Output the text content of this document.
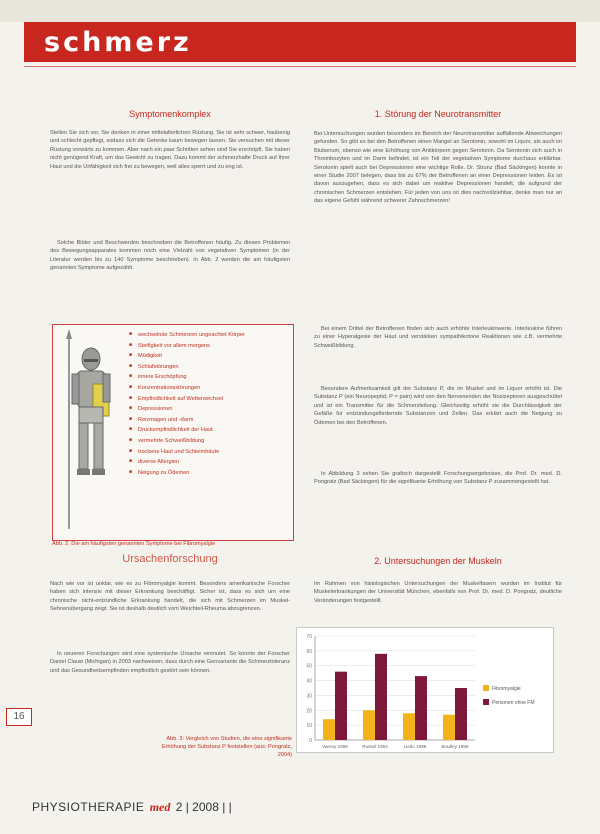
schmerz
Symptomenkomplex

Stellen Sie sich vor, Sie denken in einer mittelalterlichen Rüstung. Sie ist sehr schwer, haubenig und schlecht gepflegt, sodass sich die Gelenke kaum bewegen lassen. Sie versuchen mit dieser Rüstung vorwärts zu kommen. Aber nach ein paar Schritten sehen sind Sie erschöpft. Sie haben nicht genügend Kraft, um das Gewicht zu tragen. Dazu kommt der schmerzhafte Druck auf Ihrer Haut und die Unfähigkeit sich frei zu bewegen, weil alles sperrt und zu eng ist.

Solche Bilder und Beschwerden beschreiben die Betroffenen häufig. Zu diesen Problemen des Bewegungsapparates kommen noch eine Vielzahl von vegetativen Symptomen (in der Literatur werden bis zu 140 Symptome beschrieben). In Abb. 2 werden die am häufigsten genannten Symptome aufgezählt.

■ wechselnde Schmerzen ungeachtet Körper
■ Steifigkeit vor allem morgens
■ Müdigkeit
■ Schlafstörungen
■ innere Erschöpfung
■ Konzentrationsstörungen
■ Empfindlichkeit auf Wetterwechsel
■ Depressionen
■ Reizmagen und -darm
■ Druckempfindlichkeit der Haut
■ vermehrte Schweißbildung
■ trockene Haut und Schleimhäute
■ diverse Allergien
■ Neigung zu Ödemen
Abb. 2: Die am häufigsten genannten Symptome bei Fibromyalgie
Ursachenforschung

Nach wie vor ist unklar, wie es zu Fibromyalgie kommt. Besonders amerikanische Forscher haben sich intensiv mit dieser Erkrankung beschäftigt. Sicher ist, dass es sich um eine chronische nicht-entzündliche Erkrankung handelt, die sich mit Schmerzen im Muskel-Sehnenübergang zeigt. Sie ist deshalb deutlich vom Weichteil-Rheuma abzugrenzen.

In neueren Forschungen wird eine systemische Ursache vermutet. So konnte der Forscher Daniel Clauw (Michigan) in 2003 nachweisen, dass durch eine Genvariante die Schmerztoleranz und das Gesundheitsempfinden empfindlich gestört sein können.

Abb. 3: Vergleich von Studien, die eine signifikante Erhöhung der Substanz P feststellen (aus: Pongratz, 2004)
1. Störung der Neurotransmitter

Bei Untersuchungen wurden besonders im Bereich der Neurotransmitter auffallende Abweichungen gefunden. So gibt es bei den Betroffenen einen Mangel an Serotonin, sowohl im Liquor, als auch im Blutserum, ebenso wie eine Erhöhung von Antikörpern gegen Serotonin. Da Serotonin sich auch in Thrombozyten und im Darm befindet, ist ein Teil der vegetativen Symptome durchaus erklärbar. Serotonin spielt auch bei Depressionen eine wichtige Rolle. Dr. Strunz (Bad Säckingen) konnte in einer Studie 2007 belegen, dass bis zu 67% der Betroffenen an einer Depressionen leiden. Es ist davon auszugehen, dass es sich dabei um reaktive Depressionen handelt, die aufgrund der chronischen Schmerzen entstehen. Für jeden von uns ist dies nachvollziehbar, denke man nur an das eigene Gefühl während schwerer Zahnschmerzen!

Bei einem Drittel der Betroffenen finden sich auch erhöhte Interleukinwerte. Interleukine führen zu einer Hyperalgesie der Haut und verstärken sympathikotone Reaktionen wie z.B. vermehrte Schweißbildung.

Besondere Aufmerksamkeit gilt der Substanz P, die im Muskel und im Liquor erhöht ist. Die Substanz P (ein Neuropeptid, P = pain) wird von den Nervenenden der Nozizeptoren ausgeschüttet und ist ein Transmitter für die Schmerzleitung. Gleichzeitig erhöht sie die Durchlässigkeit der Gefäße für entzündungsfördernde Substanzen und Zellen. Das erklärt auch die Neigung zu Ödemen bei den Betroffenen.

In Abbildung 3 sehen Sie grafisch dargestellt Forschungsergebnisse, die Prof. Dr. med. D. Pongratz (Bad Säckingen) für die signifikante Erhöhung von Substanz P zusammengestellt hat.

2. Untersuchungen der Muskeln

Im Rahmen von histologischen Untersuchungen der Muskelfasern wurden im Institut für Muskelerkrankungen der Universität München, ebenfalls von Prof. Dr. med. D. Pongratz, deutliche Veränderungen festgestellt.

0
10
20
30
40
50
60
70
Vaeroy 1988	Russel 1994	Liedo 1998	Bradley 1996
Fibromyalgie
Personen ohne FM
16
PHYSIOTHERAPIE med 2 | 2008 | |
